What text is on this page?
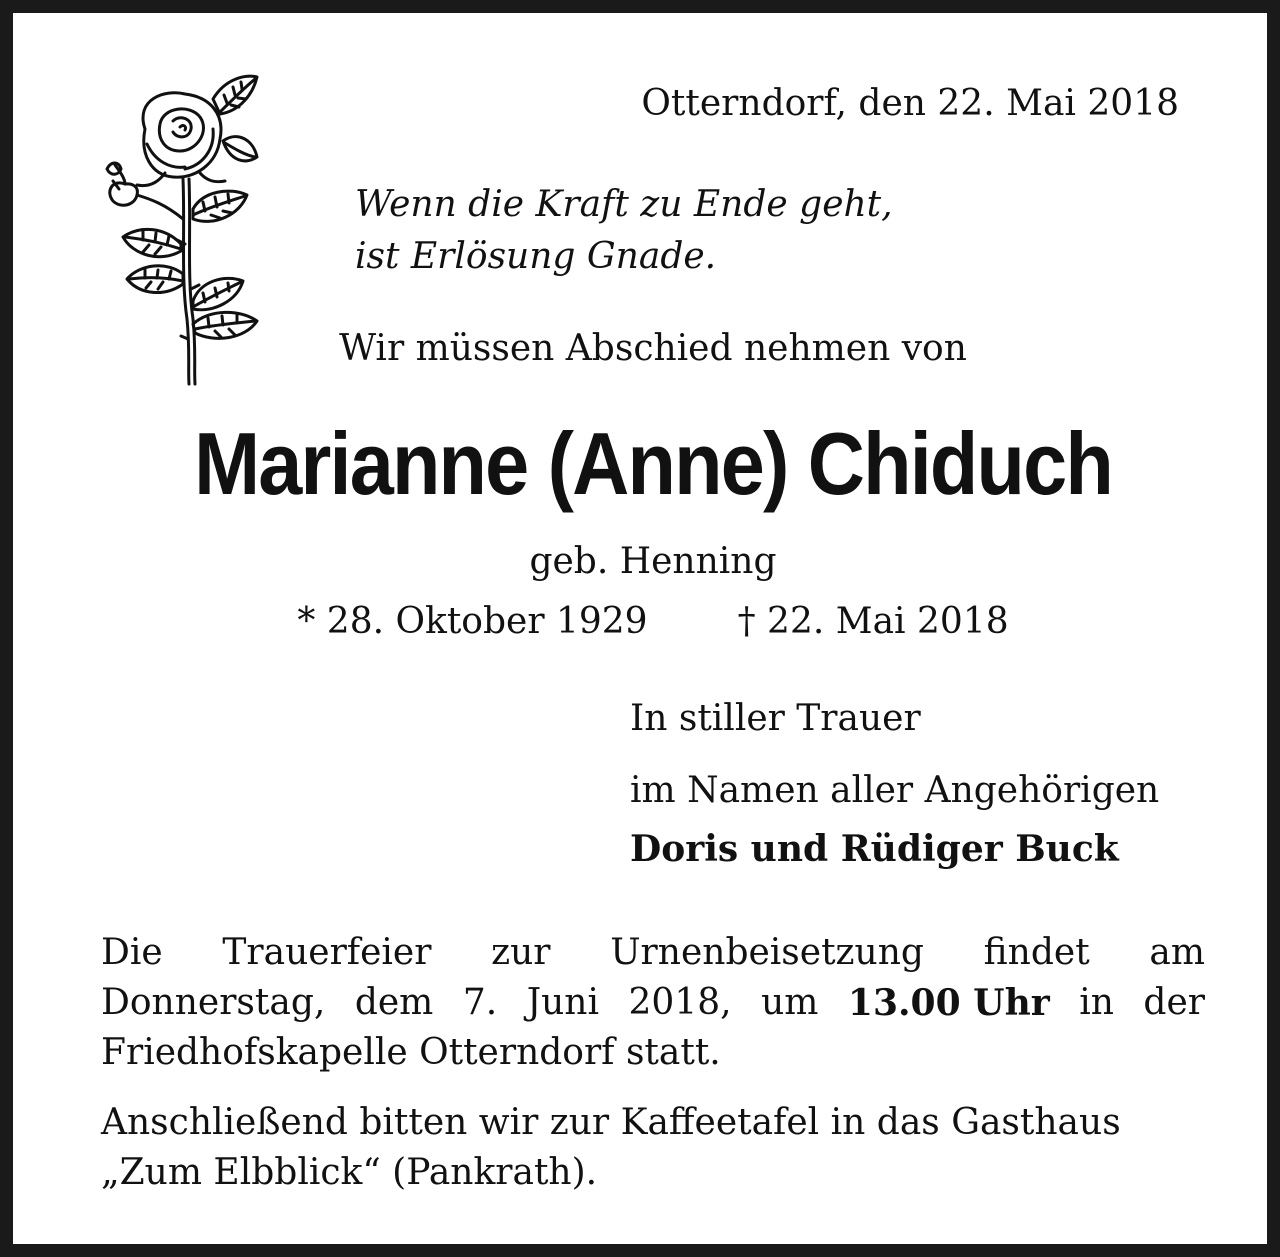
Otterndorf, den 22. Mai 2018
Wenn die Kraft zu Ende geht,
ist Erlösung Gnade.
Wir müssen Abschied nehmen von
Marianne (Anne) Chiduch
geb. Henning
* 28. Oktober 1929	† 22. Mai 2018
In stiller Trauer
im Namen aller Angehörigen
Doris und Rüdiger Buck
Die Trauerfeier zur Urnenbeisetzung findet am
Donnerstag, dem 7. Juni 2018, um 13.00 Uhr in der
Friedhofskapelle Otterndorf statt.
Anschließend bitten wir zur Kaffeetafel in das Gasthaus
„Zum Elbblick“ (Pankrath).
